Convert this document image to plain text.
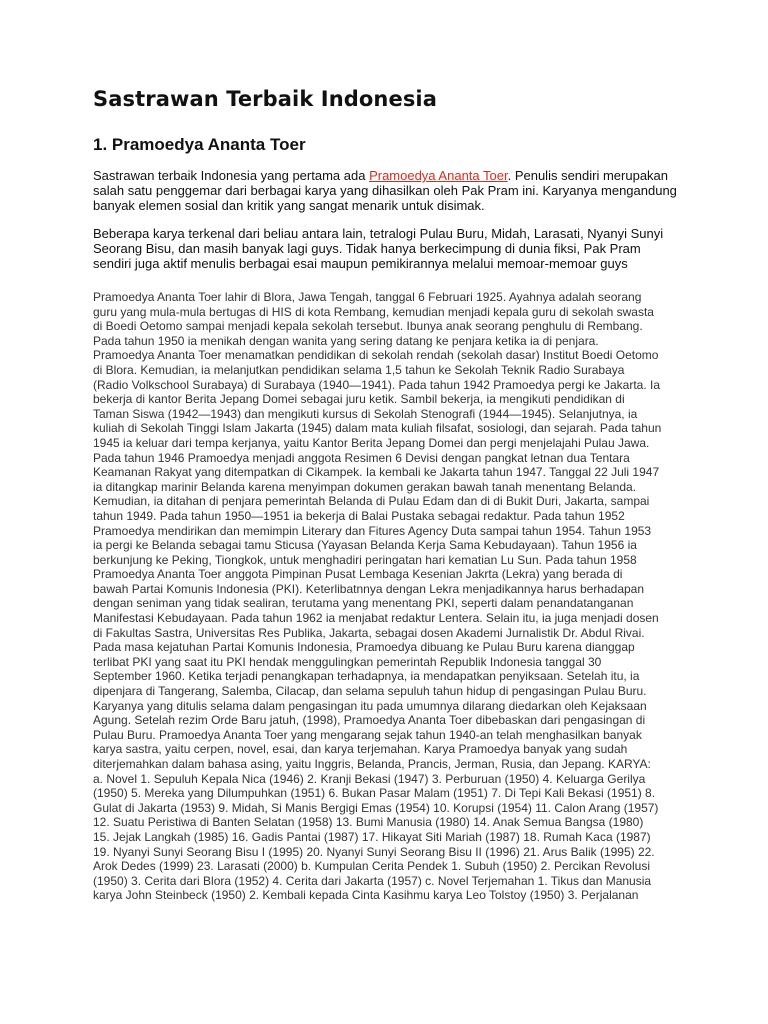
Sastrawan Terbaik Indonesia
1. Pramoedya Ananta Toer

Sastrawan terbaik Indonesia yang pertama ada Pramoedya Ananta Toer. Penulis sendiri merupakan salah satu penggemar dari berbagai karya yang dihasilkan oleh Pak Pram ini. Karyanya mengandung banyak elemen sosial dan kritik yang sangat menarik untuk disimak.

Beberapa karya terkenal dari beliau antara lain, tetralogi Pulau Buru, Midah, Larasati, Nyanyi Sunyi Seorang Bisu, dan masih banyak lagi guys. Tidak hanya berkecimpung di dunia fiksi, Pak Pram sendiri juga aktif menulis berbagai esai maupun pemikirannya melalui memoar-memoar guys

Pramoedya Ananta Toer lahir di Blora, Jawa Tengah, tanggal 6 Februari 1925. Ayahnya adalah seorang
guru yang mula-mula bertugas di HIS di kota Rembang, kemudian menjadi kepala guru di sekolah swasta
di Boedi Oetomo sampai menjadi kepala sekolah tersebut. Ibunya anak seorang penghulu di Rembang.
Pada tahun 1950 ia menikah dengan wanita yang sering datang ke penjara ketika ia di penjara.
Pramoedya Ananta Toer menamatkan pendidikan di sekolah rendah (sekolah dasar) Institut Boedi Oetomo
di Blora. Kemudian, ia melanjutkan pendidikan selama 1,5 tahun ke Sekolah Teknik Radio Surabaya
(Radio Volkschool Surabaya) di Surabaya (1940—1941). Pada tahun 1942 Pramoedya pergi ke Jakarta. Ia
bekerja di kantor Berita Jepang Domei sebagai juru ketik. Sambil bekerja, ia mengikuti pendidikan di
Taman Siswa (1942—1943) dan mengikuti kursus di Sekolah Stenografi (1944—1945). Selanjutnya, ia
kuliah di Sekolah Tinggi Islam Jakarta (1945) dalam mata kuliah filsafat, sosiologi, dan sejarah. Pada tahun
1945 ia keluar dari tempa kerjanya, yaitu Kantor Berita Jepang Domei dan pergi menjelajahi Pulau Jawa.
Pada tahun 1946 Pramoedya menjadi anggota Resimen 6 Devisi dengan pangkat letnan dua Tentara
Keamanan Rakyat yang ditempatkan di Cikampek. Ia kembali ke Jakarta tahun 1947. Tanggal 22 Juli 1947
ia ditangkap marinir Belanda karena menyimpan dokumen gerakan bawah tanah menentang Belanda.
Kemudian, ia ditahan di penjara pemerintah Belanda di Pulau Edam dan di di Bukit Duri, Jakarta, sampai
tahun 1949. Pada tahun 1950—1951 ia bekerja di Balai Pustaka sebagai redaktur. Pada tahun 1952
Pramoedya mendirikan dan memimpin Literary dan Fitures Agency Duta sampai tahun 1954. Tahun 1953
ia pergi ke Belanda sebagai tamu Sticusa (Yayasan Belanda Kerja Sama Kebudayaan). Tahun 1956 ia
berkunjung ke Peking, Tiongkok, untuk menghadiri peringatan hari kematian Lu Sun. Pada tahun 1958
Pramoedya Ananta Toer anggota Pimpinan Pusat Lembaga Kesenian Jakrta (Lekra) yang berada di
bawah Partai Komunis Indonesia (PKI). Keterlibatnnya dengan Lekra menjadikannya harus berhadapan
dengan seniman yang tidak sealiran, terutama yang menentang PKI, seperti dalam penandatanganan
Manifestasi Kebudayaan. Pada tahun 1962 ia menjabat redaktur Lentera. Selain itu, ia juga menjadi dosen
di Fakultas Sastra, Universitas Res Publika, Jakarta, sebagai dosen Akademi Jurnalistik Dr. Abdul Rivai.
Pada masa kejatuhan Partai Komunis Indonesia, Pramoedya dibuang ke Pulau Buru karena dianggap
terlibat PKI yang saat itu PKI hendak menggulingkan pemerintah Republik Indonesia tanggal 30
September 1960. Ketika terjadi penangkapan terhadapnya, ia mendapatkan penyiksaan. Setelah itu, ia
dipenjara di Tangerang, Salemba, Cilacap, dan selama sepuluh tahun hidup di pengasingan Pulau Buru.
Karyanya yang ditulis selama dalam pengasingan itu pada umumnya dilarang diedarkan oleh Kejaksaan
Agung. Setelah rezim Orde Baru jatuh, (1998), Pramoedya Ananta Toer dibebaskan dari pengasingan di
Pulau Buru. Pramoedya Ananta Toer yang mengarang sejak tahun 1940-an telah menghasilkan banyak
karya sastra, yaitu cerpen, novel, esai, dan karya terjemahan. Karya Pramoedya banyak yang sudah
diterjemahkan dalam bahasa asing, yaitu Inggris, Belanda, Prancis, Jerman, Rusia, dan Jepang. KARYA:
a. Novel 1. Sepuluh Kepala Nica (1946) 2. Kranji Bekasi (1947) 3. Perburuan (1950) 4. Keluarga Gerilya
(1950) 5. Mereka yang Dilumpuhkan (1951) 6. Bukan Pasar Malam (1951) 7. Di Tepi Kali Bekasi (1951) 8.
Gulat di Jakarta (1953) 9. Midah, Si Manis Bergigi Emas (1954) 10. Korupsi (1954) 11. Calon Arang (1957)
12. Suatu Peristiwa di Banten Selatan (1958) 13. Bumi Manusia (1980) 14. Anak Semua Bangsa (1980)
15. Jejak Langkah (1985) 16. Gadis Pantai (1987) 17. Hikayat Siti Mariah (1987) 18. Rumah Kaca (1987)
19. Nyanyi Sunyi Seorang Bisu I (1995) 20. Nyanyi Sunyi Seorang Bisu II (1996) 21. Arus Balik (1995) 22.
Arok Dedes (1999) 23. Larasati (2000) b. Kumpulan Cerita Pendek 1. Subuh (1950) 2. Percikan Revolusi
(1950) 3. Cerita dari Blora (1952) 4. Cerita dari Jakarta (1957) c. Novel Terjemahan 1. Tikus dan Manusia
karya John Steinbeck (1950) 2. Kembali kepada Cinta Kasihmu karya Leo Tolstoy (1950) 3. Perjalanan
